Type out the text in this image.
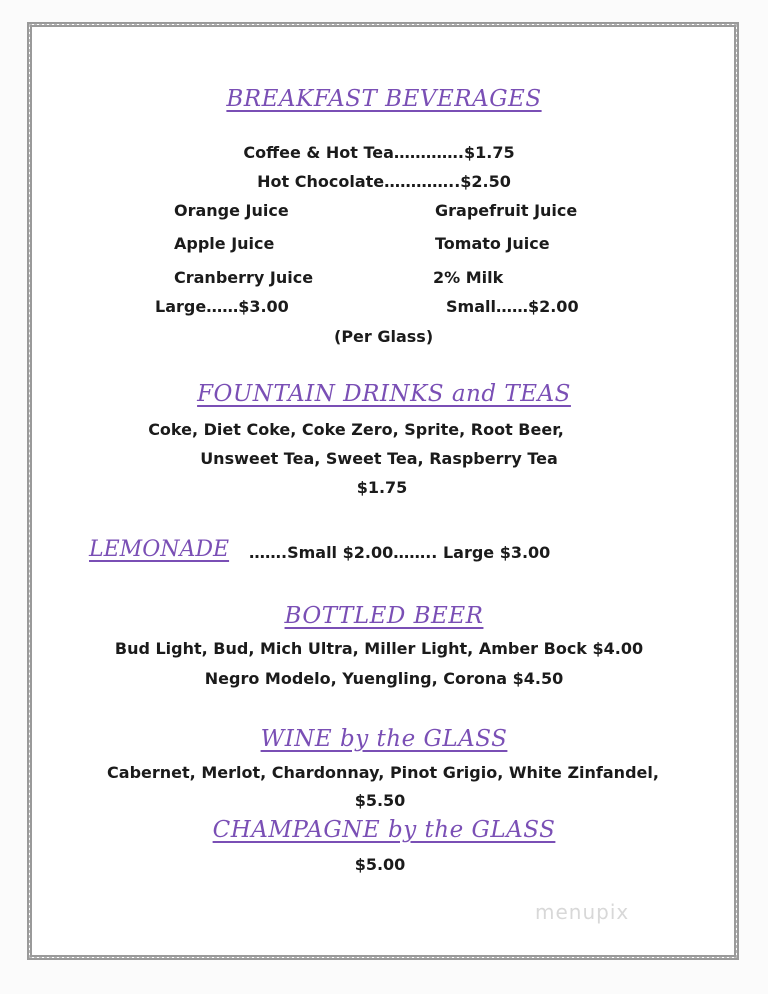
BREAKFAST BEVERAGES
Coffee & Hot Tea………….$1.75
Hot Chocolate…………..$2.50
Orange Juice
Apple Juice
Cranberry Juice
Grapefruit Juice
Tomato Juice
2% Milk
Large……$3.00	Small……$2.00
(Per Glass)
FOUNTAIN DRINKS and TEAS
Coke, Diet Coke, Coke Zero, Sprite, Root Beer,
Unsweet Tea, Sweet Tea, Raspberry Tea
$1.75
LEMONADE …….Small $2.00…….. Large $3.00
BOTTLED BEER
Bud Light, Bud, Mich Ultra, Miller Light, Amber Bock $4.00
Negro Modelo, Yuengling, Corona $4.50
WINE by the GLASS
Cabernet, Merlot, Chardonnay, Pinot Grigio, White Zinfandel,
$5.50
CHAMPAGNE by the GLASS
$5.00
menupix
